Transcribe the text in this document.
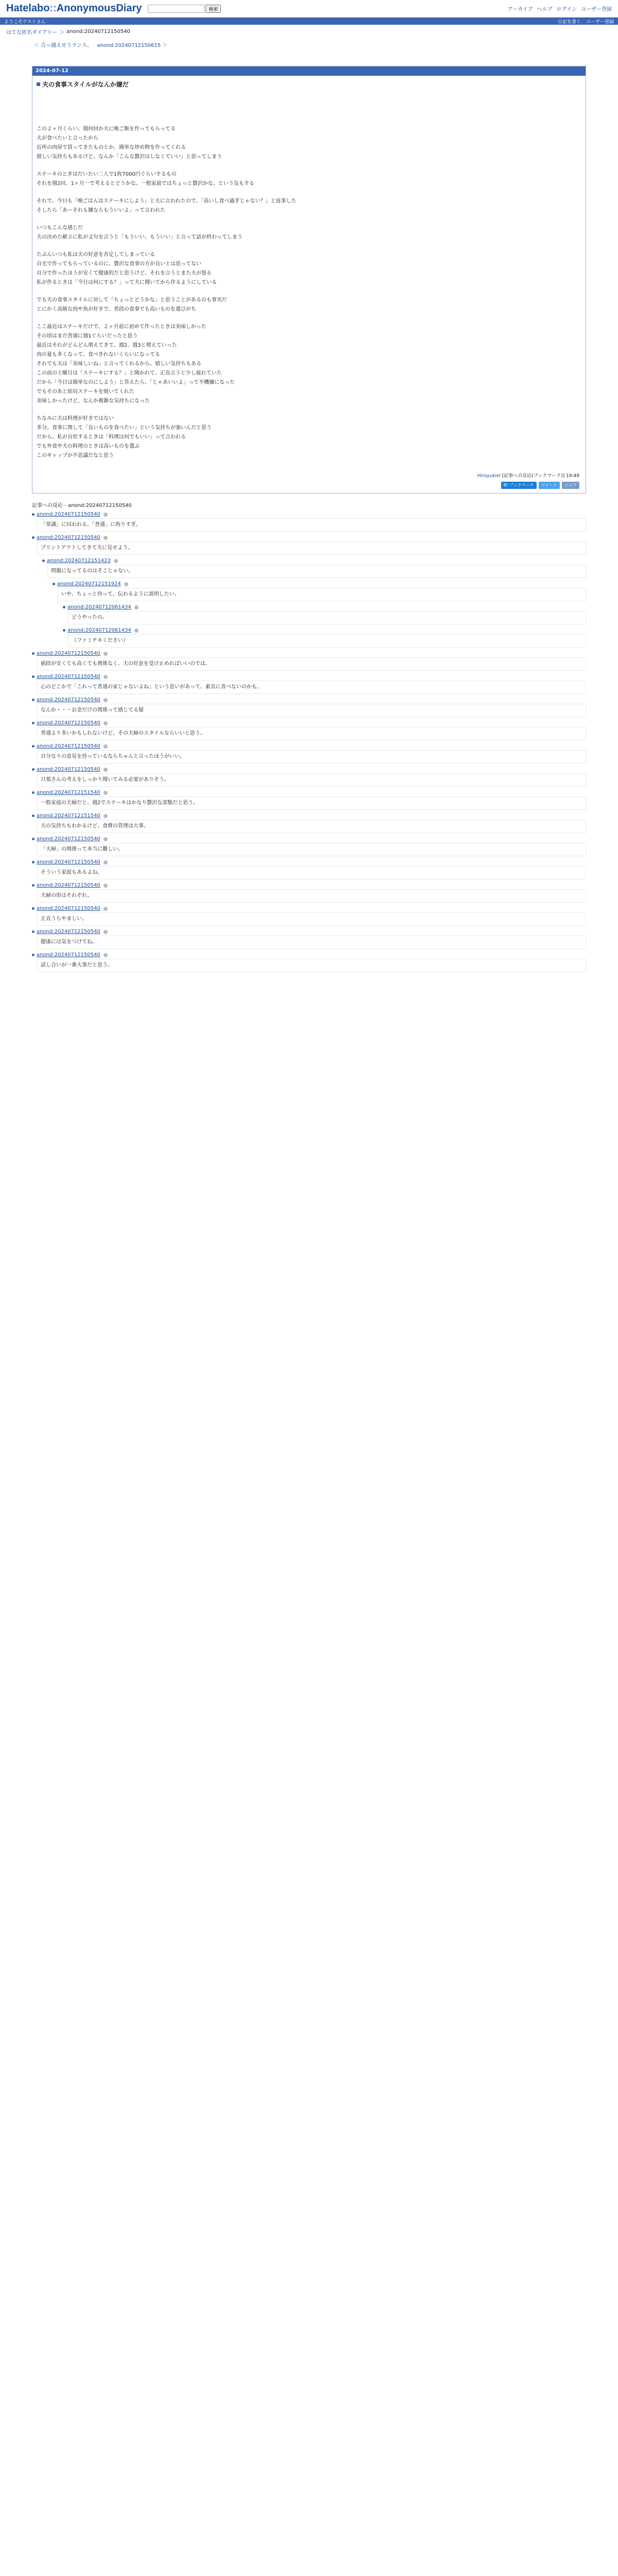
Hatelabo::AnonymousDiary	検索	アーカイブ ヘルプ ログイン ユーザー登録
ようこそゲストさん	日記を書く ユーザー登録
はてな匿名ダイアリー ＞ anond:20240712150540
＜ 合っ越えせうランス。 anond:20240712150615 ＞
2024-07-12
夫の食事スタイルがなんか嫌だ
この２ヶ月くらい、週何回か夫に晩ご飯を作ってもらってる
夫が食べたいと言ったから
近所の肉屋で買ってきたものとか、簡単な炒め物を作ってくれる
嬉しい気持ちもあるけど、なんか「こんな贅沢はしなくていい」と思ってしまう
ステーキのときはだいたい二人で1枚7000円ぐらいするもの
それを週2回、1ヶ月一で考えるとどうかな、一般家庭ではちょっと贅沢かな、という気もする
それで、今日も「晩ごはんはステーキにしよう」と夫に言われたので、「高いし食べ過ぎじゃない？」と返事した
そしたら「あーそれも嫌ならもういいよ」って言われた
いつもこんな感じだ
夫の決めた献立に私が文句を言うと「もういい、もういい」と言って話が終わってしまう
たぶんいつも私は夫の好意を否定してしまっている
自宅で作ってもらっているのに、贅沢な食事の方が良いとは思ってない
自分で作ったほうが安くて健康的だと思うけど、それを言うとまた夫が怒る
私が作るときは「今日は何にする？」って夫に聞いてから作るようにしている
でも夫の食事スタイルに対して「ちょっとどうかな」と思うことがあるのも事実だ
とにかく高級な肉や魚が好きで、普段の食事でも高いものを選びがち
ここ最近はステーキだけで、２ヶ月前に初めて作ったときは美味しかった
その頃はまだ普通に週1ぐらいだったと思う
最近はそれがどんどん増えてきて、週2、週3と増えていった
肉の量も多くなって、食べきれないくらいになってる
それでも夫は「美味しいね」と言ってくれるから、嬉しい気持ちもある
この前の土曜日は「ステーキにする？」と聞かれて、正直言うと少し疲れていた
だから「今日は簡単なのにしよう」と答えたら、「じゃあいいよ」って不機嫌になった
でもそのあと結局ステーキを焼いてくれた
美味しかったけど、なんか複雑な気持ちになった
ちなみに夫は料理が好きではない
多分、食事に関して「良いものを食べたい」という気持ちが強いんだと思う
だから、私が自炊するときは「料理は何でもいい」って言われる
でも外食や夫の料理のときは高いものを選ぶ
このギャップが不思議だなと思う
Hiroyukiel [記事への反応(ブックマーク)] 19:49
B! ブックマーク	ツイート	シェア
記事への反応 - anond:20240712150540
anond:20240712150540
「常識」に囚われる。「普通」に拘りすぎ。
anond:20240712150540
プリントアウトしてきて夫に見せよう。
anond:20240712151423
問題になってるのはそこじゃない。
anond:20240712151924
いや、ちょっと待って。伝わるように説明したい。
anond:20240712061434
どうやったの。
anond:20240712061434
（ファミチキください）
anond:20240712150540
値段が安くても高くても関係なく、夫の好意を受け止めればいいのでは。
anond:20240712150540
心のどこかで「これって普通の家じゃないよね」という思いがあって、素直に喜べないのかも。
anond:20240712150540
なんか・・・お金だけの関係って感じてる疑
anond:20240712150540
普通より多いかもしれないけど、その夫婦のスタイルならいいと思う。
anond:20240712150540
自分なりの意見を持っているならちゃんと言ったほうがいい。
anond:20240712150540
旦那さんの考えをしっかり聞いてみる必要がありそう。
anond:20240712151540
一般家庭の夫婦だと、週2でステーキはかなり贅沢な部類だと思う。
anond:20240712151540
夫の気持ちもわかるけど、食費の管理は大事。
anond:20240712150540
「夫婦」の関係って本当に難しい。
anond:20240712150540
そういう家庭もあるよね。
anond:20240712150540
夫婦の形はそれぞれ。
anond:20240712150540
正直うらやましい。
anond:20240712150540
健康には気をつけてね。
anond:20240712150540
話し合いが一番大事だと思う。
